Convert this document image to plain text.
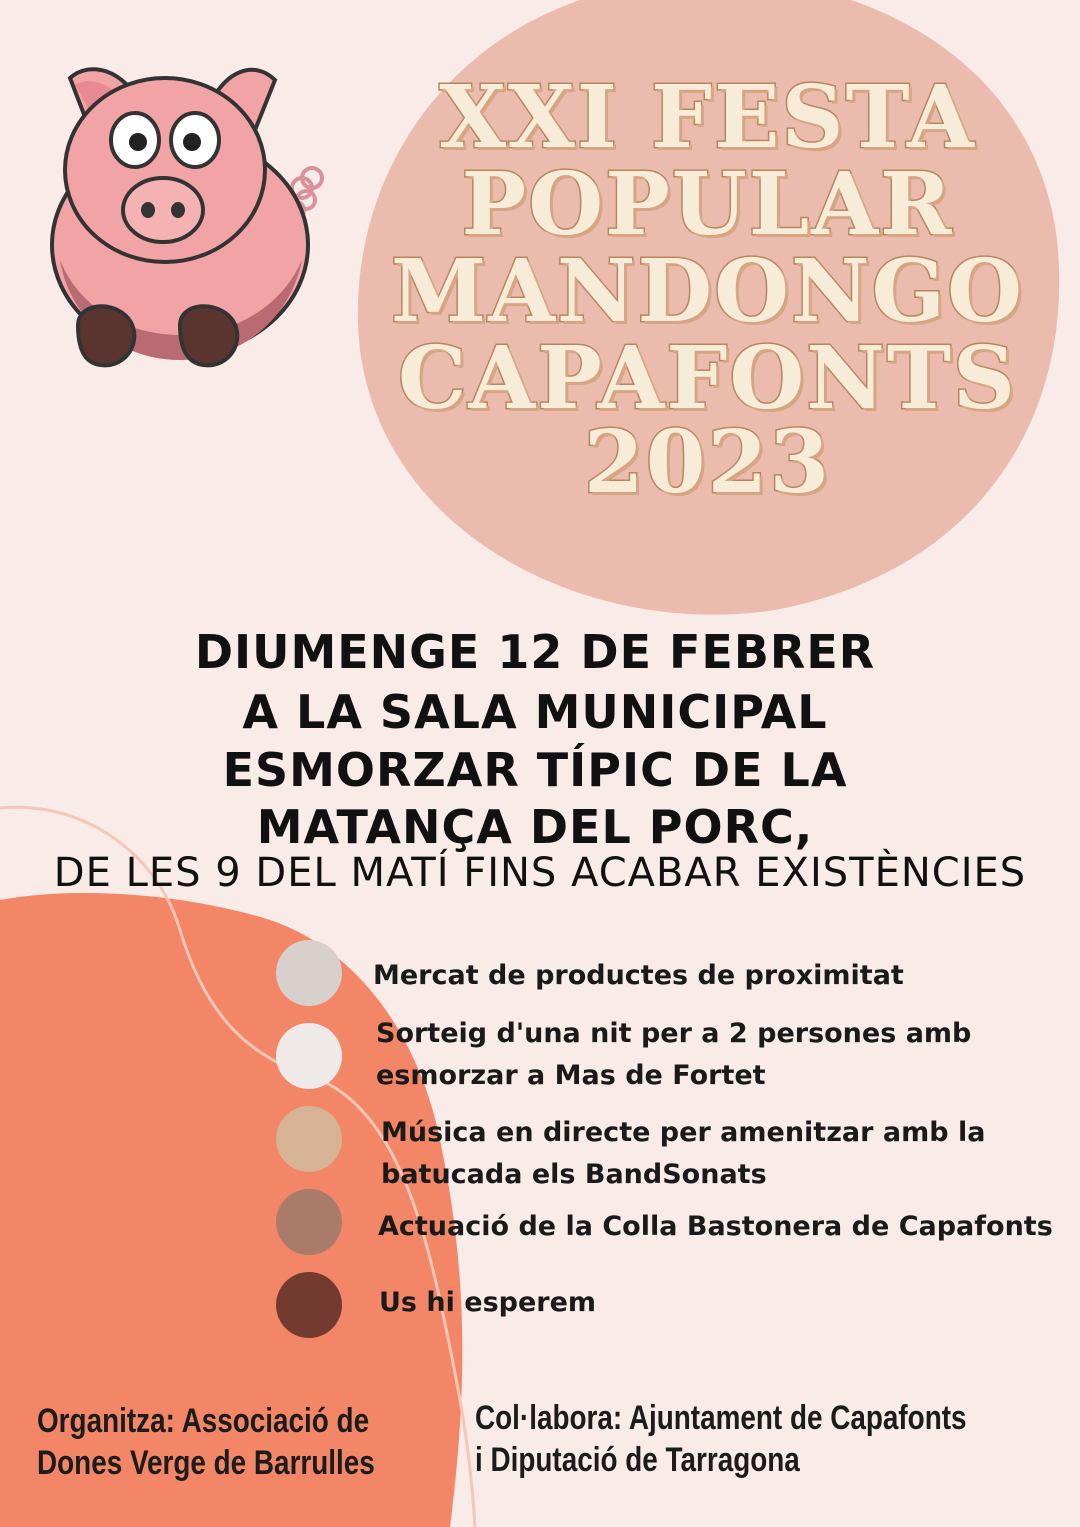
XXI FESTA
POPULAR
MANDONGO
CAPAFONTS
2023
DIUMENGE 12 DE FEBRER
A LA SALA MUNICIPAL
ESMORZAR TÍPIC DE LA
MATANÇA DEL PORC,
DE LES 9 DEL MATÍ FINS ACABAR EXISTÈNCIES
Mercat de productes de proximitat
Sorteig d'una nit per a 2 persones amb
esmorzar a Mas de Fortet
Música en directe per amenitzar amb la
batucada els BandSonats
Actuació de la Colla Bastonera de Capafonts
Us hi esperem
Organitza: Associació de
Dones Verge de Barrulles
Col·labora: Ajuntament de Capafonts
i Diputació de Tarragona
